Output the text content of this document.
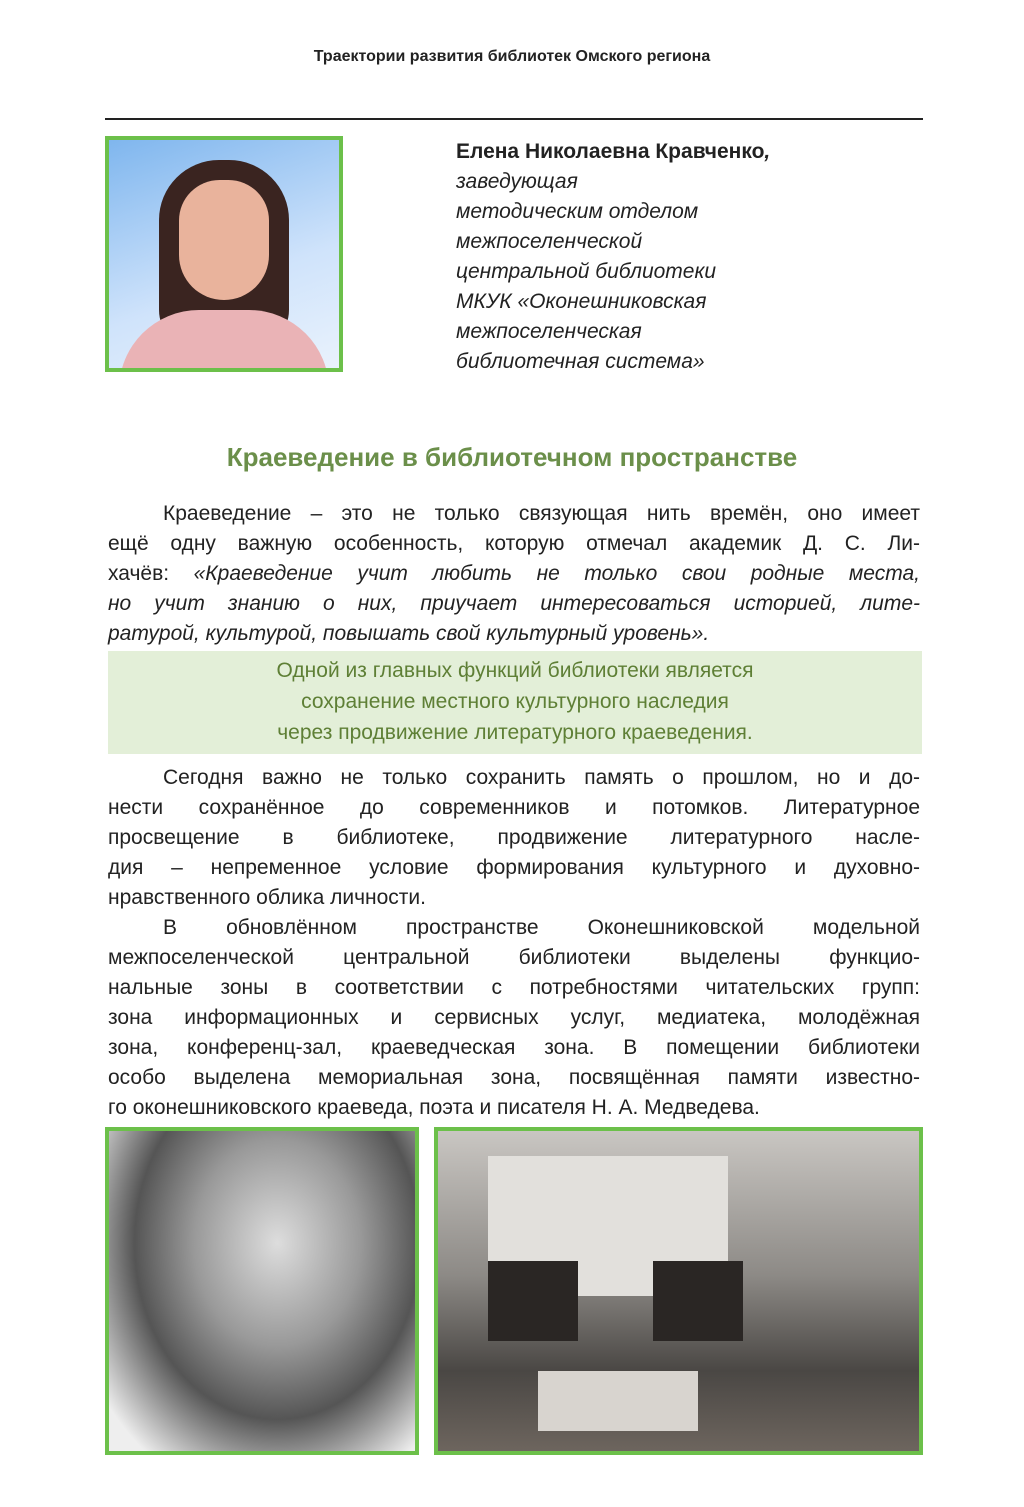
Траектории развития библиотек Омского региона
Елена Николаевна Кравченко,
заведующая
методическим отделом
межпоселенческой
центральной библиотеки
МКУК «Оконешниковская
межпоселенческая
библиотечная система»
Краеведение в библиотечном пространстве
Краеведение – это не только связующая нить времён, оно имеет
ещё одну важную особенность, которую отмечал академик Д. С. Ли-
хачёв: «Краеведение учит любить не только свои родные места,
но учит знанию о них, приучает интересоваться историей, лите-
ратурой, культурой, повышать свой культурный уровень».
Одной из главных функций библиотеки является
сохранение местного культурного наследия
через продвижение литературного краеведения.
Сегодня важно не только сохранить память о прошлом, но и до-
нести сохранённое до современников и потомков. Литературное
просвещение в библиотеке, продвижение литературного насле-
дия – непременное условие формирования культурного и духовно-
нравственного облика личности.
В обновлённом пространстве Оконешниковской модельной
межпоселенческой центральной библиотеки выделены функцио-
нальные зоны в соответствии с потребностями читательских групп:
зона информационных и сервисных услуг, медиатека, молодёжная
зона, конференц-зал, краеведческая зона. В помещении библиотеки
особо выделена мемориальная зона, посвящённая памяти известно-
го оконешниковского краеведа, поэта и писателя Н. А. Медведева.
